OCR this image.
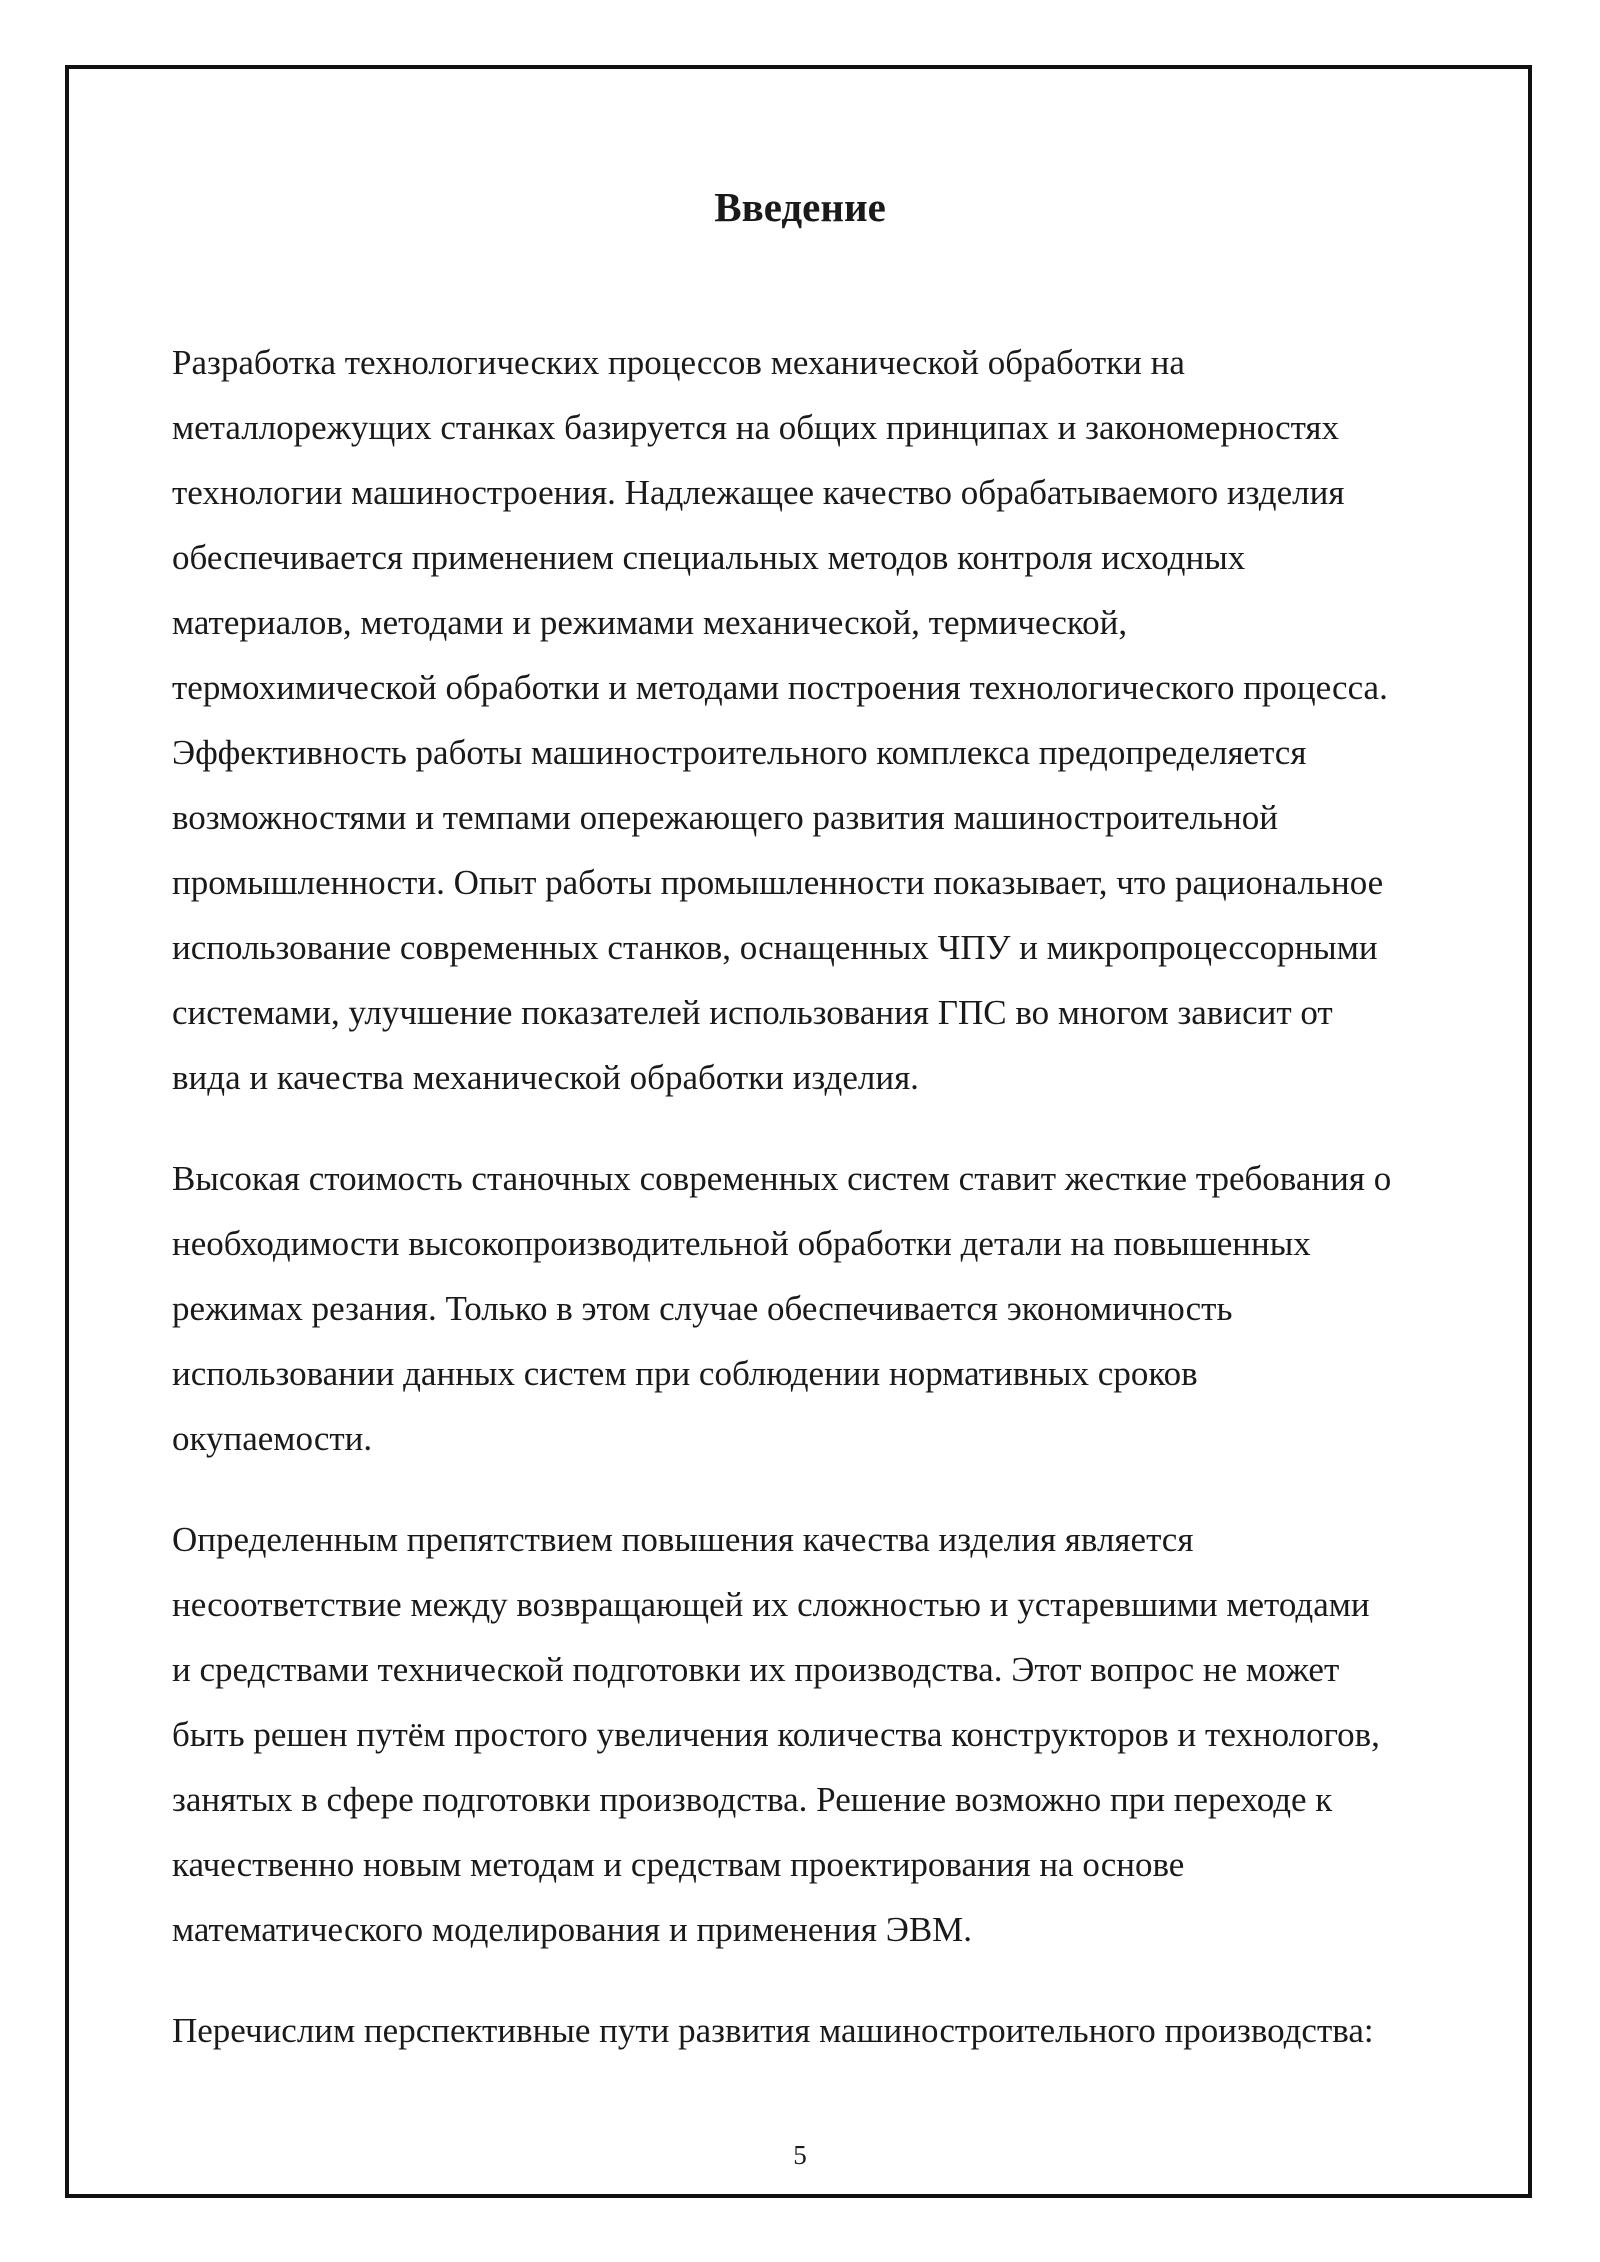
Введение

Разработка технологических процессов механической обработки на
металлорежущих станках базируется на общих принципах и закономерностях
технологии машиностроения. Надлежащее качество обрабатываемого изделия
обеспечивается применением специальных методов контроля исходных
материалов, методами и режимами механической, термической,
термохимической обработки и методами построения технологического процесса.
Эффективность работы машиностроительного комплекса предопределяется
возможностями и темпами опережающего развития машиностроительной
промышленности. Опыт работы промышленности показывает, что рациональное
использование современных станков, оснащенных ЧПУ и микропроцессорными
системами, улучшение показателей использования ГПС во многом зависит от
вида и качества механической обработки изделия.

Высокая стоимость станочных современных систем ставит жесткие требования о
необходимости высокопроизводительной обработки детали на повышенных
режимах резания. Только в этом случае обеспечивается экономичность
использовании данных систем при соблюдении нормативных сроков
окупаемости.

Определенным препятствием повышения качества изделия является
несоответствие между возвращающей их сложностью и устаревшими методами
и средствами технической подготовки их производства. Этот вопрос не может
быть решен путём простого увеличения количества конструкторов и технологов,
занятых в сфере подготовки производства. Решение возможно при переходе к
качественно новым методам и средствам проектирования на основе
математического моделирования и применения ЭВМ.

Перечислим перспективные пути развития машиностроительного производства:

5
